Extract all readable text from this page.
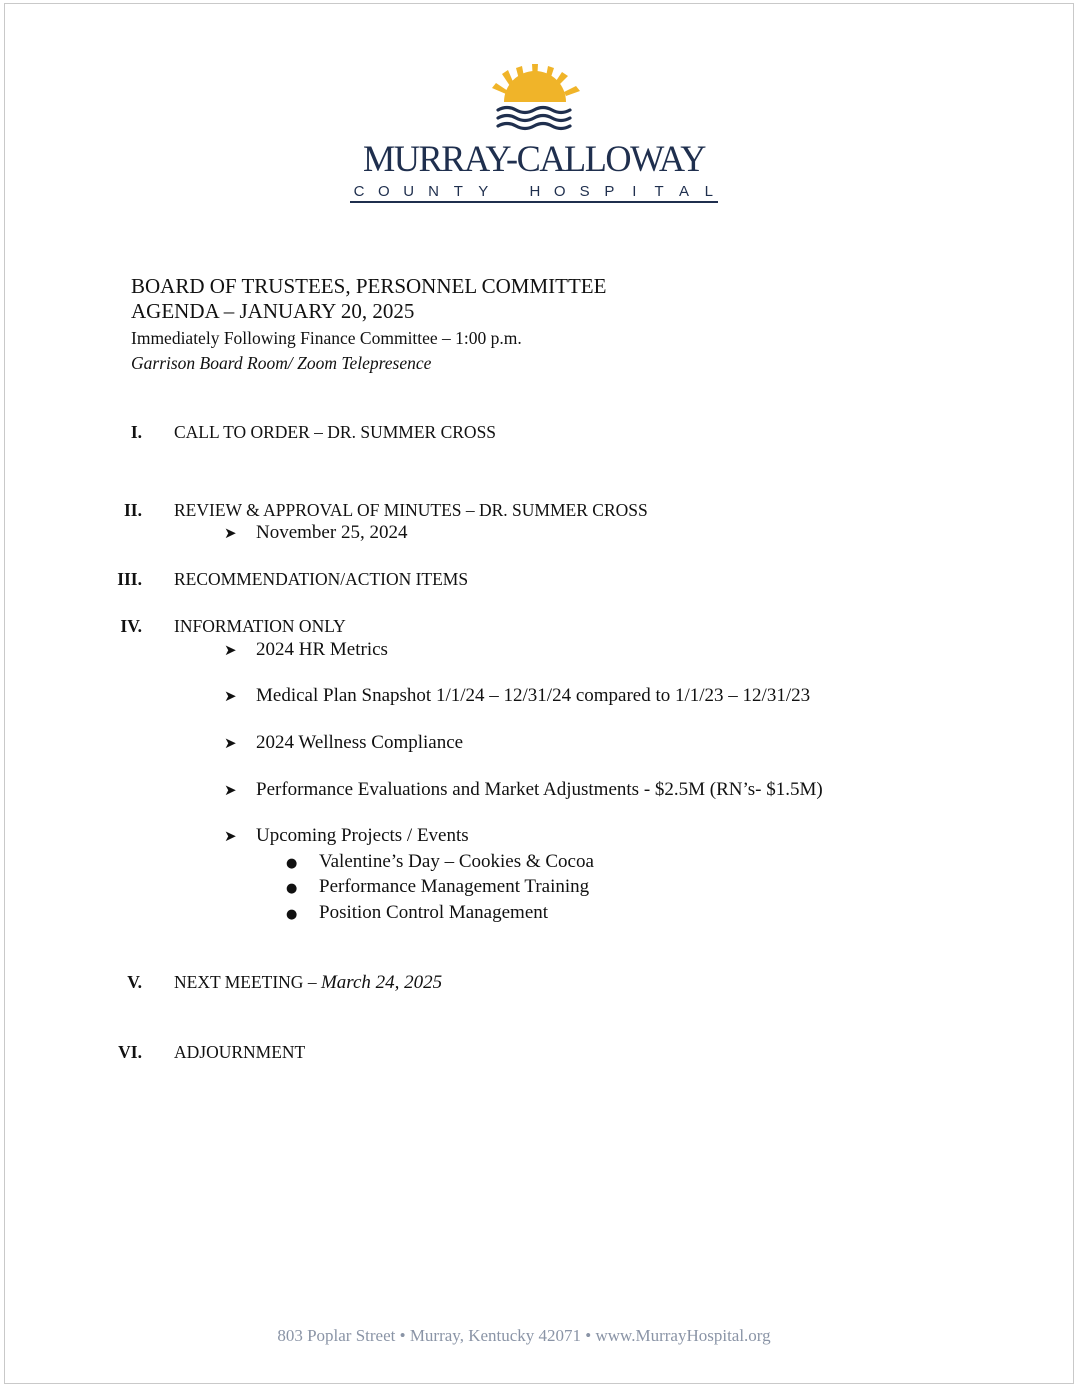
MURRAY-CALLOWAY
C O U N T Y	H O S P	I	T A L
BOARD OF TRUSTEES, PERSONNEL COMMITTEE
AGENDA – JANUARY 20, 2025
Immediately Following Finance Committee – 1:00 p.m.
Garrison Board Room/ Zoom Telepresence
I. CALL TO ORDER – DR. SUMMER CROSS
II. REVIEW & APPROVAL OF MINUTES – DR. SUMMER CROSS
➤ November 25, 2024
III. RECOMMENDATION/ACTION ITEMS
IV. INFORMATION ONLY
➤ 2024 HR Metrics
➤ Medical Plan Snapshot 1/1/24 – 12/31/24 compared to 1/1/23 – 12/31/23
➤ 2024 Wellness Compliance
➤ Performance Evaluations and Market Adjustments - $2.5M (RN’s- $1.5M)
➤ Upcoming Projects / Events
● Valentine’s Day – Cookies & Cocoa
● Performance Management Training
● Position Control Management
V. NEXT MEETING – March 24, 2025
VI. ADJOURNMENT
803 Poplar Street • Murray, Kentucky 42071 • www.MurrayHospital.org
